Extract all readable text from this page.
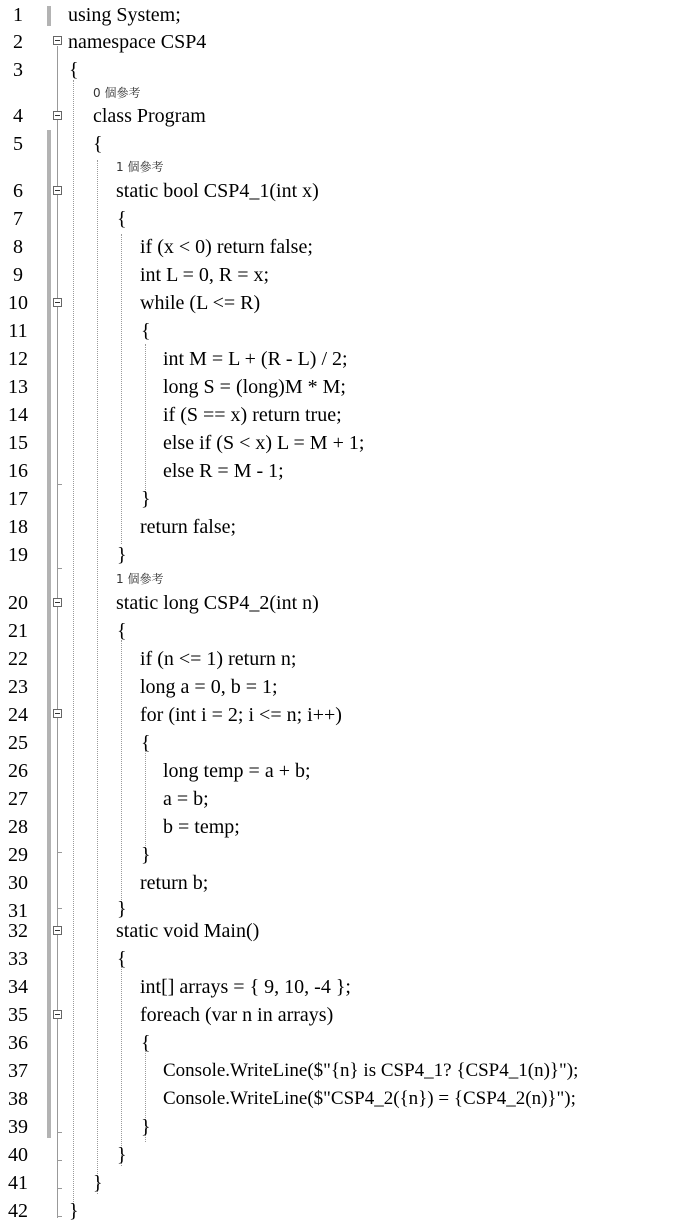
0 個參考
1 個參考
1 個參考
1
2
3
4
5
6
7
8
9
10
11
12
13
14
15
16
17
18
19
20
21
22
23
24
25
26
27
28
29
30
31
32
33
34
35
36
37
38
39
40
41
42
using System;
namespace CSP4
{
class Program
{
static bool CSP4_1(int x)
{
if (x < 0) return false;
int L = 0, R = x;
while (L <= R)
{
int M = L + (R - L) / 2;
long S = (long)M * M;
if (S == x) return true;
else if (S < x) L = M + 1;
else R = M - 1;
}
return false;
}
static long CSP4_2(int n)
{
if (n <= 1) return n;
long a = 0, b = 1;
for (int i = 2; i <= n; i++)
{
long temp = a + b;
a = b;
b = temp;
}
return b;
}
static void Main()
{
int[] arrays = { 9, 10, -4 };
foreach (var n in arrays)
{
Console.WriteLine($"{n} is CSP4_1? {CSP4_1(n)}");
Console.WriteLine($"CSP4_2({n}) = {CSP4_2(n)}");
}
}
}
}
